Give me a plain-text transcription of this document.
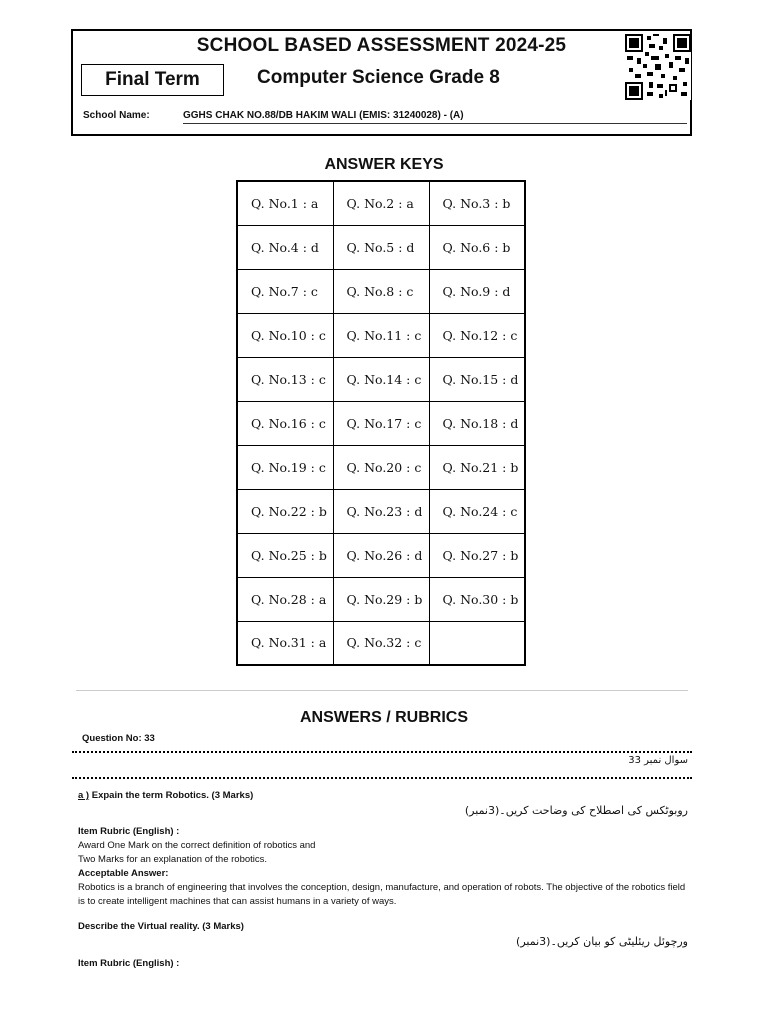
SCHOOL BASED ASSESSMENT 2024-25
Final Term	Computer Science Grade 8
School Name:	GGHS CHAK NO.88/DB HAKIM WALI (EMIS: 31240028) - (A)
ANSWER KEYS
Q. No.1 : a	Q. No.2 : a	Q. No.3 : b
Q. No.4 : d	Q. No.5 : d	Q. No.6 : b
Q. No.7 : c	Q. No.8 : c	Q. No.9 : d
Q. No.10 : c	Q. No.11 : c	Q. No.12 : c
Q. No.13 : c	Q. No.14 : c	Q. No.15 : d
Q. No.16 : c	Q. No.17 : c	Q. No.18 : d
Q. No.19 : c	Q. No.20 : c	Q. No.21 : b
Q. No.22 : b	Q. No.23 : d	Q. No.24 : c
Q. No.25 : b	Q. No.26 : d	Q. No.27 : b
Q. No.28 : a	Q. No.29 : b	Q. No.30 : b
Q. No.31 : a	Q. No.32 : c	
ANSWERS / RUBRICS
Question No: 33
سوال نمبر 33
a ) Expain the term Robotics. (3 Marks)
روبوٹکس کی اصطلاح کی وضاحت کریں۔(3نمبر)
Item Rubric (English) :
Award One Mark on the correct definition of robotics and
Two Marks for an explanation of the robotics.
Acceptable Answer:
Robotics is a branch of engineering that involves the conception, design, manufacture, and operation of robots. The objective of the robotics field is to create intelligent machines that can assist humans in a variety of ways.
Describe the Virtual reality. (3 Marks)
ورچوئل ریئلیٹی کو بیان کریں۔(3نمبر)
Item Rubric (English) :
